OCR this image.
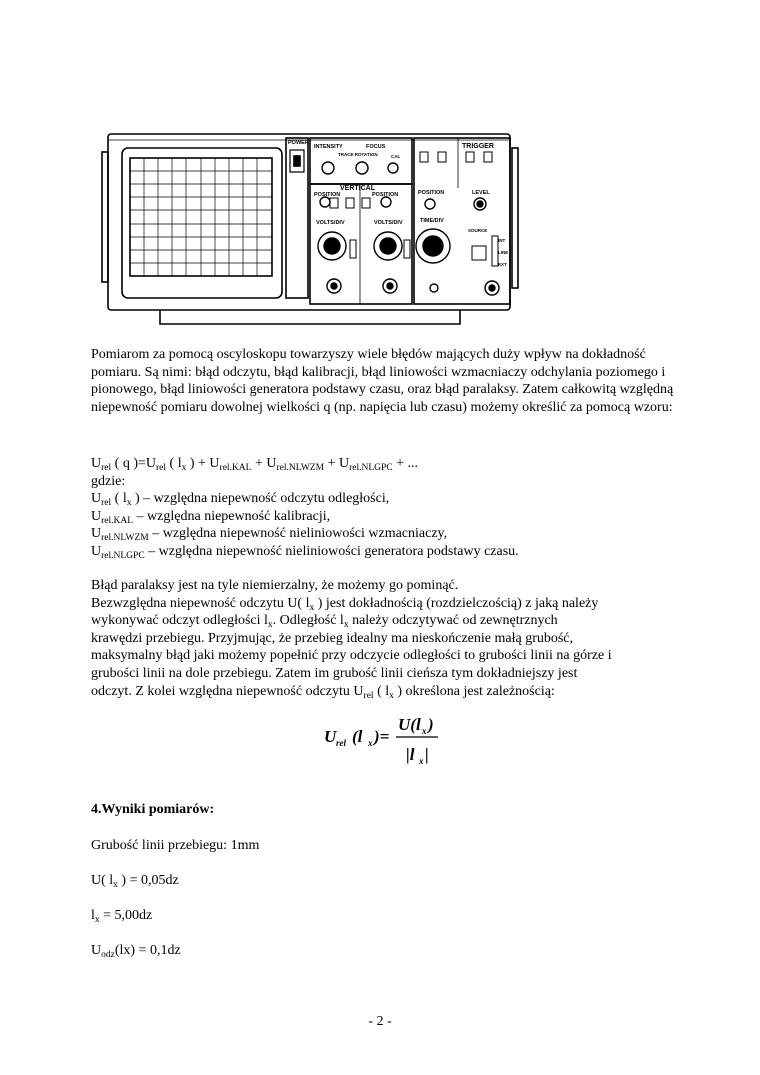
POWER
INTENSITY
TRACE ROTATION
FOCUS
CAL
TRIGGER
VERTICAL
POSITION	POSITION	POSITION	LEVEL
VOLTS/DIV	VOLTS/DIV	TIME/DIV
SOURCE
INT
LINE
EXT

Pomiarom za pomocą oscyloskopu towarzyszy wiele błędów mających duży wpływ na dokładność pomiaru. Są nimi: błąd odczytu, błąd kalibracji, błąd liniowości wzmacniaczy odchylania poziomego i pionowego, błąd liniowości generatora podstawy czasu, oraz błąd paralaksy. Zatem całkowitą względną niepewność pomiaru dowolnej wielkości q (np. napięcia lub czasu) możemy określić za pomocą wzoru:

$U_{rel}$ ( q )$=U_{rel}$ ( $l_x$ ) + $U_{rel.KAL} + U_{rel.NLWZM} + U_{rel.NLGPC}$ + ...

gdzie:

$U_{rel}$ ( $l_x$ ) – względna niepewność odczytu odległości,

$U_{rel.KAL}$ – względna niepewność kalibracji,

$U_{rel.NLWZM}$ – względna niepewność nieliniowości wzmacniaczy,

$U_{rel.NLGPC}$ – względna niepewność nieliniowości generatora podstawy czasu.

Błąd paralaksy jest na tyle niemierzalny, że możemy go pominąć.

Bezwzględna niepewność odczytu U( $l_x$ ) jest dokładnością (rozdzielczością) z jaką należy

wykonywać odczyt odległości $l_x$. Odległość $l_x$ należy odczytywać od zewnętrznych

krawędzi przebiegu. Przyjmując, że przebieg idealny ma nieskończenie małą grubość,

maksymalny błąd jaki możemy popełnić przy odczycie odległości to grubości linii na górze i

grubości linii na dole przebiegu. Zatem im grubość linii cieńsza tym dokładniejszy jest

odczyt. Z kolei względna niepewność odczytu $U_{rel}$ ( $l_x$ ) określona jest zależnością:

U rel (l x )=
U(l x )
|l x |
4.Wyniki pomiarów:

Grubość linii przebiegu: 1mm

U( $l_x$ ) = 0,05dz

$l_x = 5,00dz$

$U_{odz}(lx) = 0,1dz$

- 2 -
